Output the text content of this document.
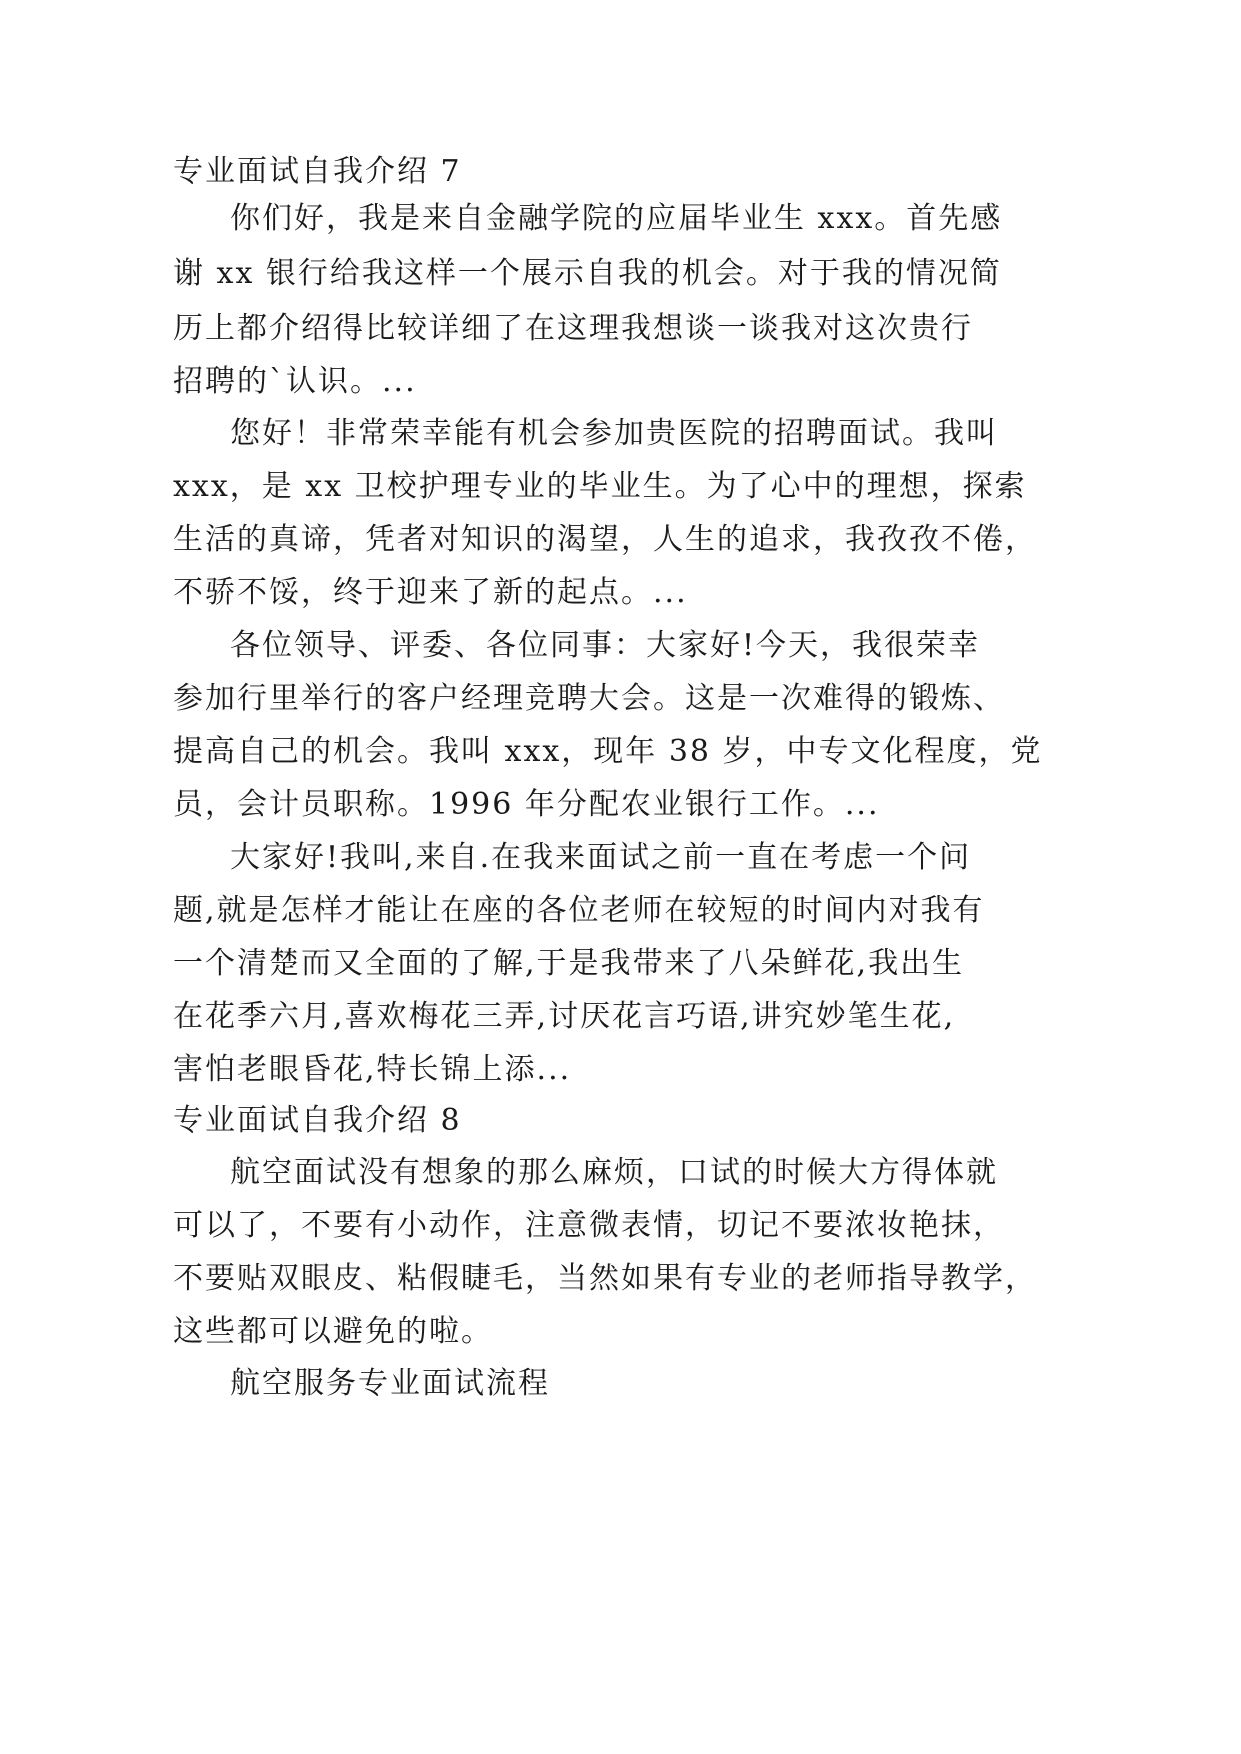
专业面试自我介绍 7
你们好，我是来自金融学院的应届毕业生 xxx。首先感
谢 xx 银行给我这样一个展示自我的机会。对于我的情况简
历上都介绍得比较详细了在这理我想谈一谈我对这次贵行
招聘的`认识。...
您好！非常荣幸能有机会参加贵医院的招聘面试。我叫
xxx，是 xx 卫校护理专业的毕业生。为了心中的理想，探索
生活的真谛，凭者对知识的渴望，人生的追求，我孜孜不倦，
不骄不馁，终于迎来了新的起点。...
各位领导、评委、各位同事：大家好!今天，我很荣幸
参加行里举行的客户经理竞聘大会。这是一次难得的锻炼、
提高自己的机会。我叫 xxx，现年 38 岁，中专文化程度，党
员，会计员职称。1996 年分配农业银行工作。...
大家好!我叫,来自.在我来面试之前一直在考虑一个问
题,就是怎样才能让在座的各位老师在较短的时间内对我有
一个清楚而又全面的了解,于是我带来了八朵鲜花,我出生
在花季六月,喜欢梅花三弄,讨厌花言巧语,讲究妙笔生花,
害怕老眼昏花,特长锦上添...
专业面试自我介绍 8
航空面试没有想象的那么麻烦，口试的时候大方得体就
可以了，不要有小动作，注意微表情，切记不要浓妆艳抹，
不要贴双眼皮、粘假睫毛，当然如果有专业的老师指导教学，
这些都可以避免的啦。
航空服务专业面试流程
